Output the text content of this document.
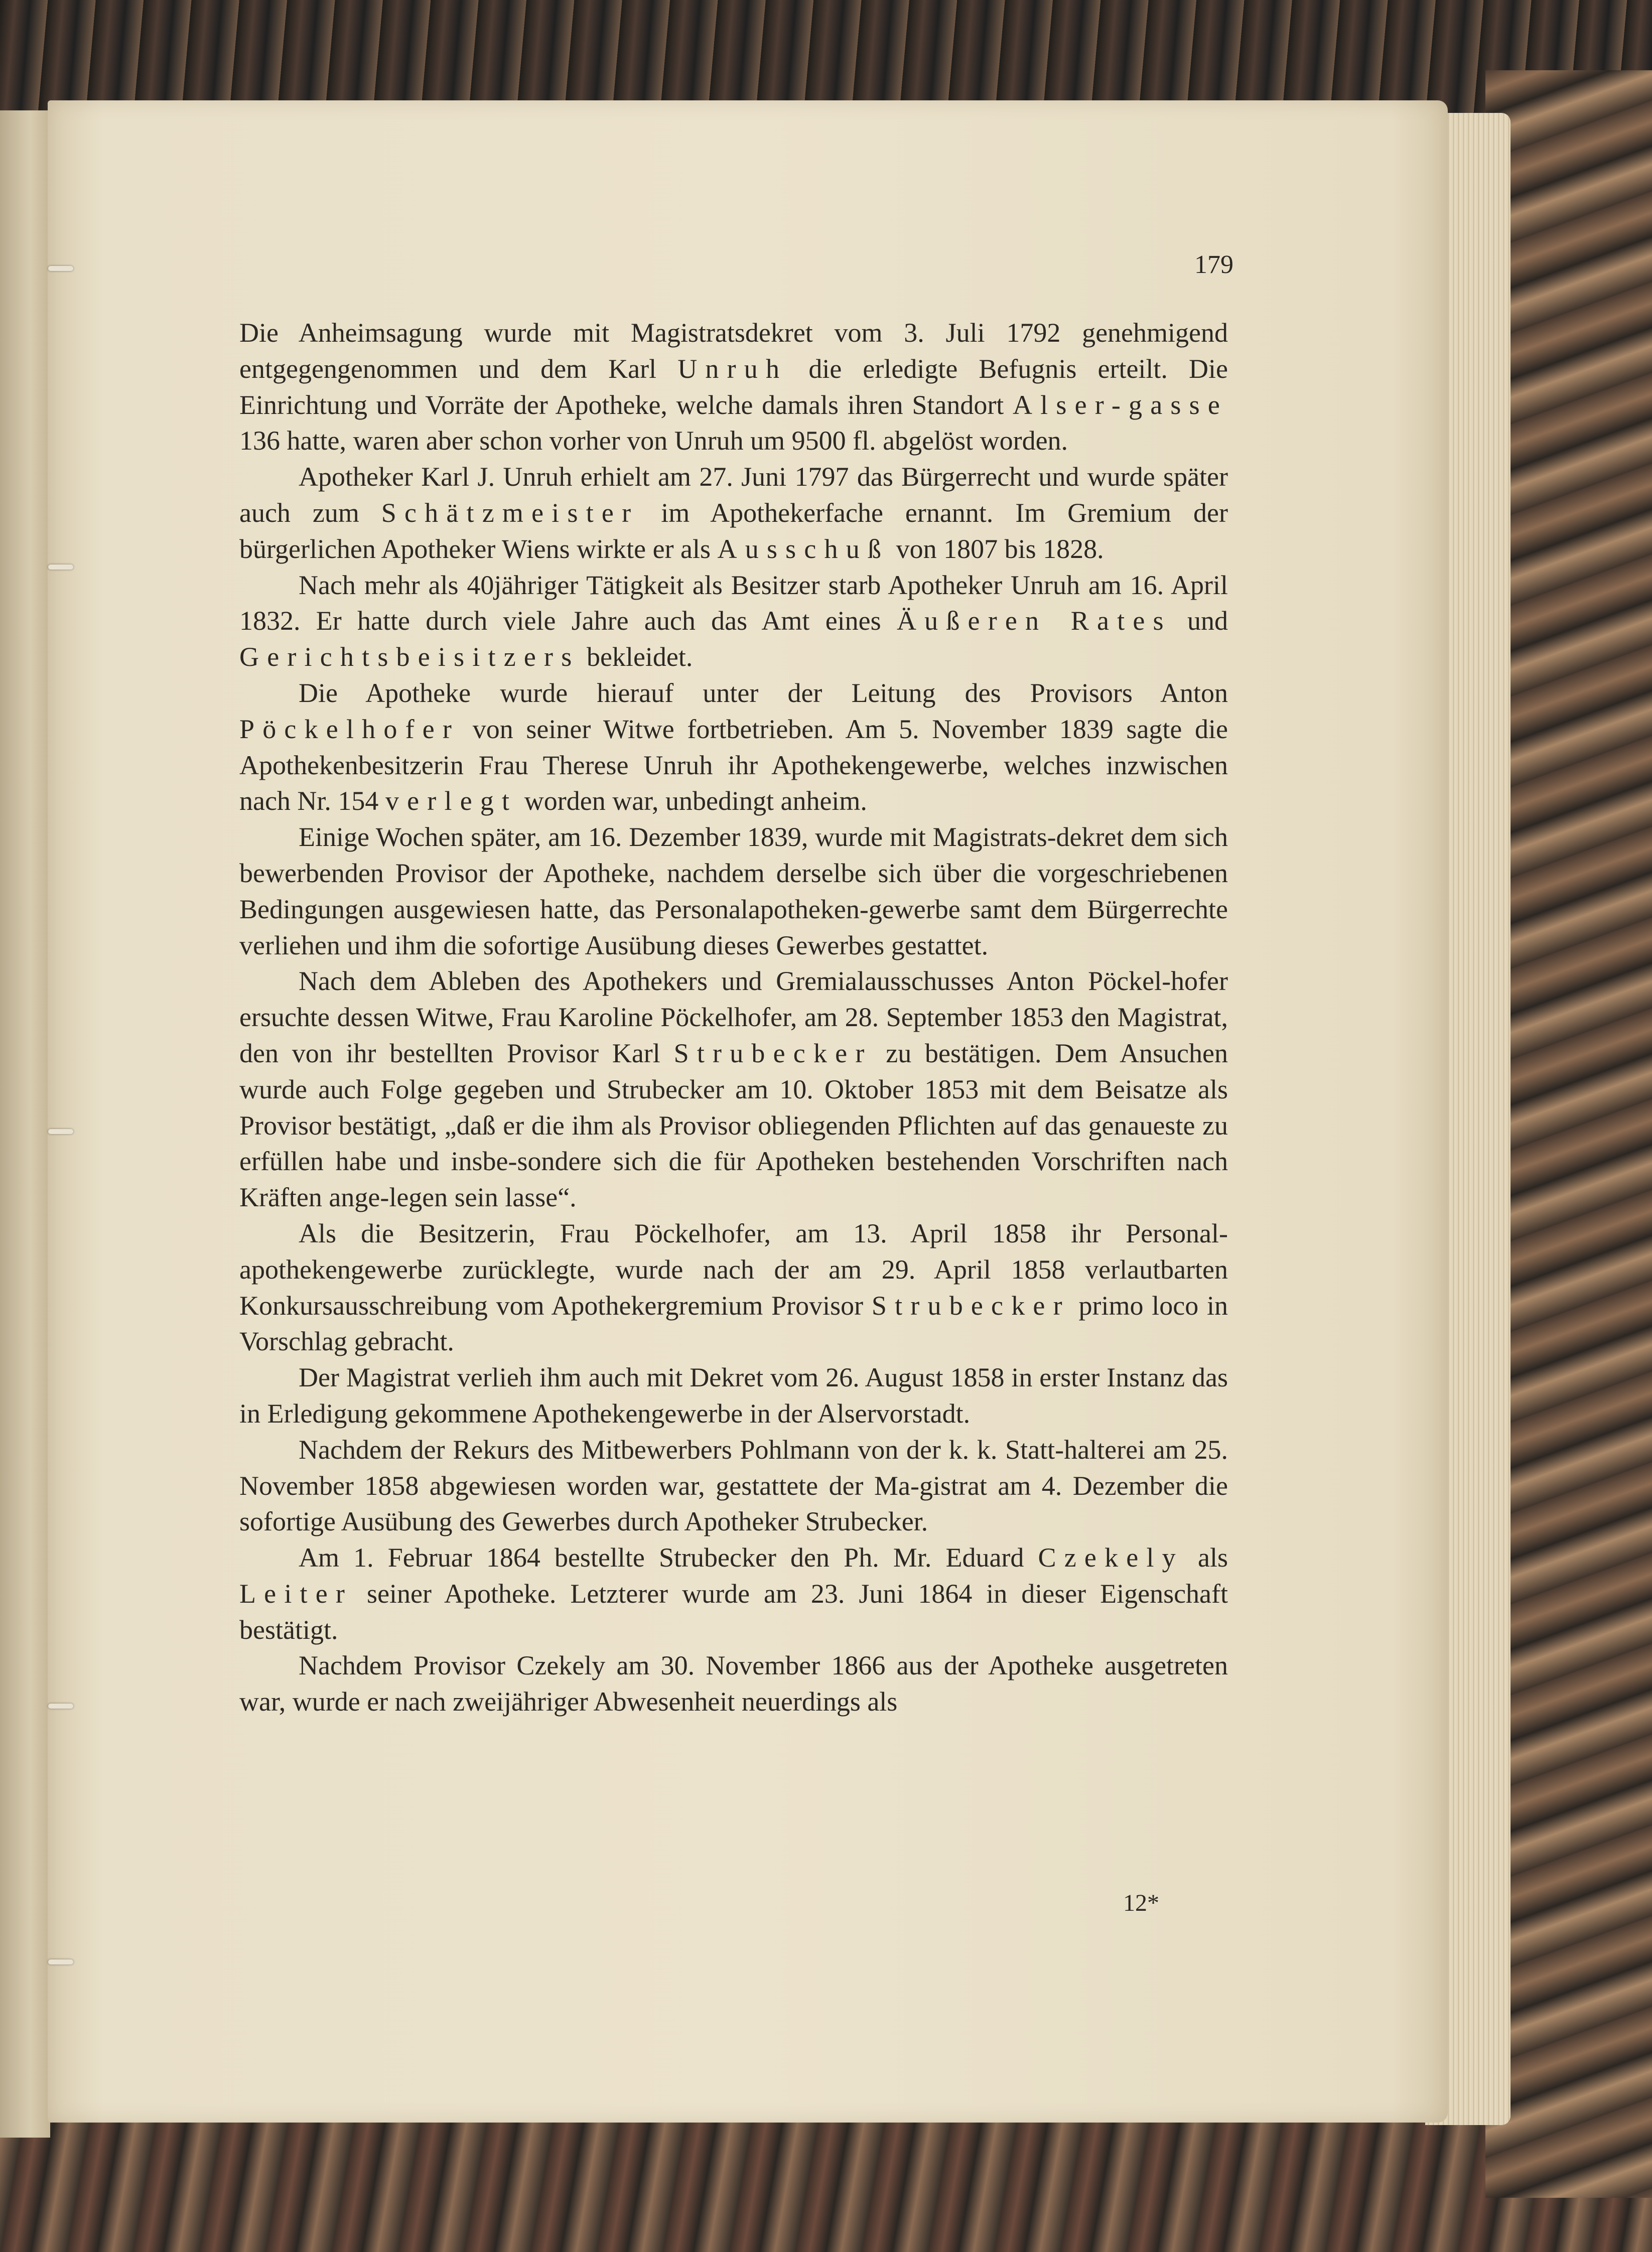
179

Die Anheimsagung wurde mit Magistratsdekret vom 3. Juli 1792 genehmigend entgegengenommen und dem Karl Unruh die erledigte Befugnis erteilt. Die Einrichtung und Vorräte der Apotheke, welche damals ihren Standort Alser-gasse 136 hatte, waren aber schon vorher von Unruh um 9500 fl. abgelöst worden.

Apotheker Karl J. Unruh erhielt am 27. Juni 1797 das Bürgerrecht und wurde später auch zum Schätzmeister im Apothekerfache ernannt. Im Gremium der bürgerlichen Apotheker Wiens wirkte er als Ausschuß von 1807 bis 1828.

Nach mehr als 40jähriger Tätigkeit als Besitzer starb Apotheker Unruh am 16. April 1832. Er hatte durch viele Jahre auch das Amt eines Äußeren Rates und Gerichtsbeisitzers bekleidet.

Die Apotheke wurde hierauf unter der Leitung des Provisors Anton Pöckelhofer von seiner Witwe fortbetrieben. Am 5. November 1839 sagte die Apothekenbesitzerin Frau Therese Unruh ihr Apothekengewerbe, welches inzwischen nach Nr. 154 verlegt worden war, unbedingt anheim.

Einige Wochen später, am 16. Dezember 1839, wurde mit Magistrats-dekret dem sich bewerbenden Provisor der Apotheke, nachdem derselbe sich über die vorgeschriebenen Bedingungen ausgewiesen hatte, das Personalapotheken-gewerbe samt dem Bürgerrechte verliehen und ihm die sofortige Ausübung dieses Gewerbes gestattet.

Nach dem Ableben des Apothekers und Gremialausschusses Anton Pöckel-hofer ersuchte dessen Witwe, Frau Karoline Pöckelhofer, am 28. September 1853 den Magistrat, den von ihr bestellten Provisor Karl Strubecker zu bestätigen. Dem Ansuchen wurde auch Folge gegeben und Strubecker am 10. Oktober 1853 mit dem Beisatze als Provisor bestätigt, „daß er die ihm als Provisor obliegenden Pflichten auf das genaueste zu erfüllen habe und insbe-sondere sich die für Apotheken bestehenden Vorschriften nach Kräften ange-legen sein lasse“.

Als die Besitzerin, Frau Pöckelhofer, am 13. April 1858 ihr Personal-apothekengewerbe zurücklegte, wurde nach der am 29. April 1858 verlautbarten Konkursausschreibung vom Apothekergremium Provisor Strubecker primo loco in Vorschlag gebracht.

Der Magistrat verlieh ihm auch mit Dekret vom 26. August 1858 in erster Instanz das in Erledigung gekommene Apothekengewerbe in der Alservorstadt.

Nachdem der Rekurs des Mitbewerbers Pohlmann von der k. k. Statt-halterei am 25. November 1858 abgewiesen worden war, gestattete der Ma-gistrat am 4. Dezember die sofortige Ausübung des Gewerbes durch Apotheker Strubecker.

Am 1. Februar 1864 bestellte Strubecker den Ph. Mr. Eduard Czekely als Leiter seiner Apotheke. Letzterer wurde am 23. Juni 1864 in dieser Eigenschaft bestätigt.

Nachdem Provisor Czekely am 30. November 1866 aus der Apotheke ausgetreten war, wurde er nach zweijähriger Abwesenheit neuerdings als

12*
